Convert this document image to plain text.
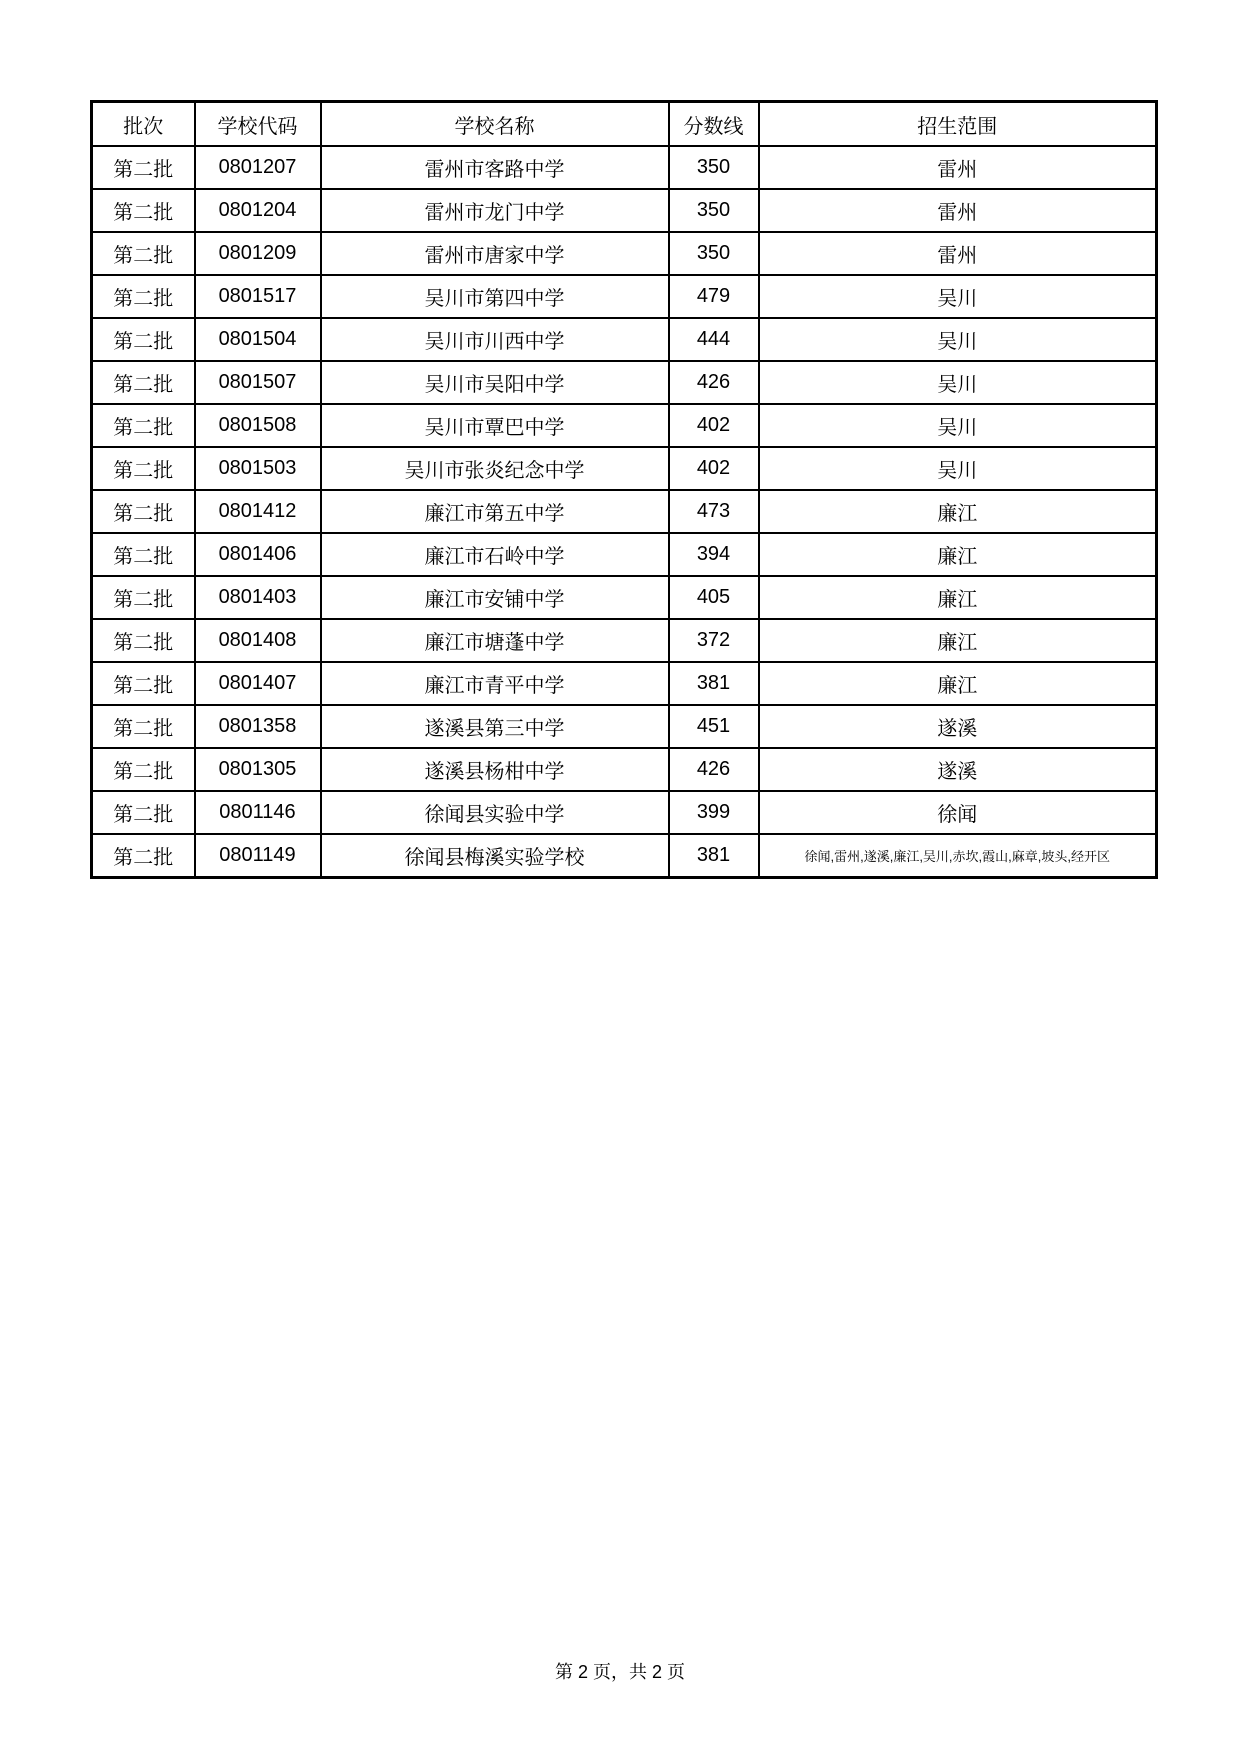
批次	学校代码	学校名称	分数线	招生范围
第二批	0801207	雷州市客路中学	350	雷州
第二批	0801204	雷州市龙门中学	350	雷州
第二批	0801209	雷州市唐家中学	350	雷州
第二批	0801517	吴川市第四中学	479	吴川
第二批	0801504	吴川市川西中学	444	吴川
第二批	0801507	吴川市吴阳中学	426	吴川
第二批	0801508	吴川市覃巴中学	402	吴川
第二批	0801503	吴川市张炎纪念中学	402	吴川
第二批	0801412	廉江市第五中学	473	廉江
第二批	0801406	廉江市石岭中学	394	廉江
第二批	0801403	廉江市安铺中学	405	廉江
第二批	0801408	廉江市塘蓬中学	372	廉江
第二批	0801407	廉江市青平中学	381	廉江
第二批	0801358	遂溪县第三中学	451	遂溪
第二批	0801305	遂溪县杨柑中学	426	遂溪
第二批	0801146	徐闻县实验中学	399	徐闻
第二批	0801149	徐闻县梅溪实验学校	381	徐闻,雷州,遂溪,廉江,吴川,赤坎,霞山,麻章,坡头,经开区
第 2 页，共 2 页
